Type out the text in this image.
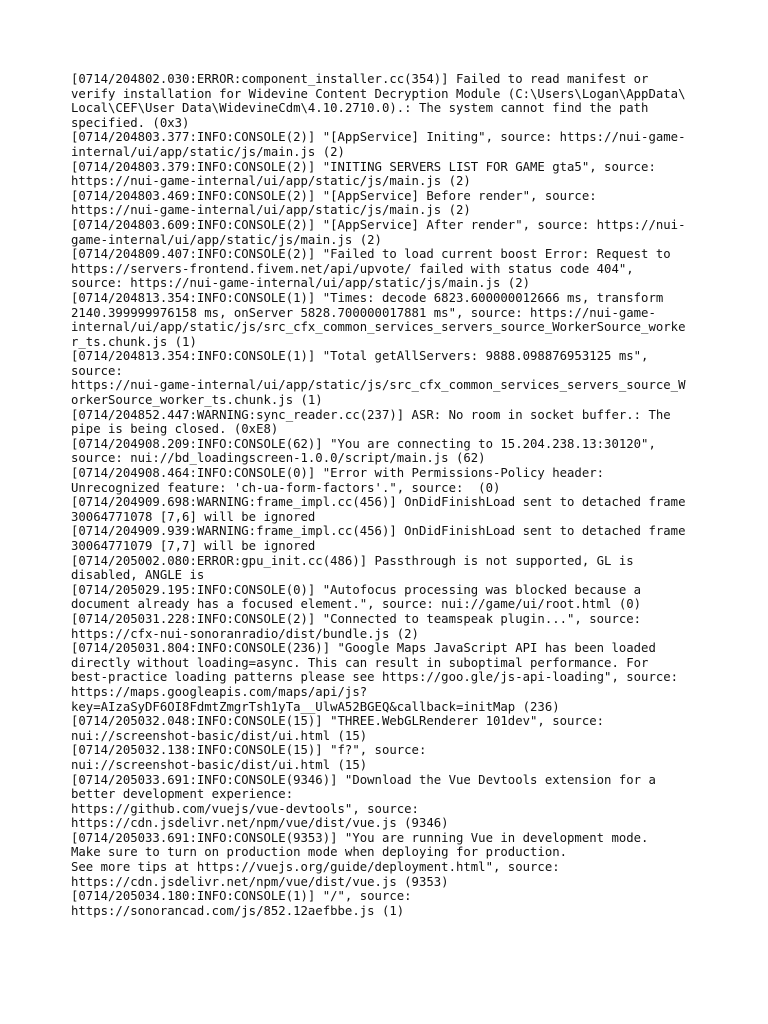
[0714/204802.030:ERROR:component_installer.cc(354)] Failed to read manifest or
verify installation for Widevine Content Decryption Module (C:\Users\Logan\AppData\
Local\CEF\User Data\WidevineCdm\4.10.2710.0).: The system cannot find the path
specified. (0x3)
[0714/204803.377:INFO:CONSOLE(2)] "[AppService] Initing", source: https://nui-game-
internal/ui/app/static/js/main.js (2)
[0714/204803.379:INFO:CONSOLE(2)] "INITING SERVERS LIST FOR GAME gta5", source:
https://nui-game-internal/ui/app/static/js/main.js (2)
[0714/204803.469:INFO:CONSOLE(2)] "[AppService] Before render", source:
https://nui-game-internal/ui/app/static/js/main.js (2)
[0714/204803.609:INFO:CONSOLE(2)] "[AppService] After render", source: https://nui-
game-internal/ui/app/static/js/main.js (2)
[0714/204809.407:INFO:CONSOLE(2)] "Failed to load current boost Error: Request to
https://servers-frontend.fivem.net/api/upvote/ failed with status code 404",
source: https://nui-game-internal/ui/app/static/js/main.js (2)
[0714/204813.354:INFO:CONSOLE(1)] "Times: decode 6823.600000012666 ms, transform
2140.399999976158 ms, onServer 5828.700000017881 ms", source: https://nui-game-
internal/ui/app/static/js/src_cfx_common_services_servers_source_WorkerSource_worke
r_ts.chunk.js (1)
[0714/204813.354:INFO:CONSOLE(1)] "Total getAllServers: 9888.098876953125 ms",
source:
https://nui-game-internal/ui/app/static/js/src_cfx_common_services_servers_source_W
orkerSource_worker_ts.chunk.js (1)
[0714/204852.447:WARNING:sync_reader.cc(237)] ASR: No room in socket buffer.: The
pipe is being closed. (0xE8)
[0714/204908.209:INFO:CONSOLE(62)] "You are connecting to 15.204.238.13:30120",
source: nui://bd_loadingscreen-1.0.0/script/main.js (62)
[0714/204908.464:INFO:CONSOLE(0)] "Error with Permissions-Policy header:
Unrecognized feature: 'ch-ua-form-factors'.", source:  (0)
[0714/204909.698:WARNING:frame_impl.cc(456)] OnDidFinishLoad sent to detached frame
30064771078 [7,6] will be ignored
[0714/204909.939:WARNING:frame_impl.cc(456)] OnDidFinishLoad sent to detached frame
30064771079 [7,7] will be ignored
[0714/205002.080:ERROR:gpu_init.cc(486)] Passthrough is not supported, GL is
disabled, ANGLE is
[0714/205029.195:INFO:CONSOLE(0)] "Autofocus processing was blocked because a
document already has a focused element.", source: nui://game/ui/root.html (0)
[0714/205031.228:INFO:CONSOLE(2)] "Connected to teamspeak plugin...", source:
https://cfx-nui-sonoranradio/dist/bundle.js (2)
[0714/205031.804:INFO:CONSOLE(236)] "Google Maps JavaScript API has been loaded
directly without loading=async. This can result in suboptimal performance. For
best-practice loading patterns please see https://goo.gle/js-api-loading", source:
https://maps.googleapis.com/maps/api/js?
key=AIzaSyDF6OI8FdmtZmgrTsh1yTa__UlwA52BGEQ&callback=initMap (236)
[0714/205032.048:INFO:CONSOLE(15)] "THREE.WebGLRenderer 101dev", source:
nui://screenshot-basic/dist/ui.html (15)
[0714/205032.138:INFO:CONSOLE(15)] "f?", source:
nui://screenshot-basic/dist/ui.html (15)
[0714/205033.691:INFO:CONSOLE(9346)] "Download the Vue Devtools extension for a
better development experience:
https://github.com/vuejs/vue-devtools", source:
https://cdn.jsdelivr.net/npm/vue/dist/vue.js (9346)
[0714/205033.691:INFO:CONSOLE(9353)] "You are running Vue in development mode.
Make sure to turn on production mode when deploying for production.
See more tips at https://vuejs.org/guide/deployment.html", source:
https://cdn.jsdelivr.net/npm/vue/dist/vue.js (9353)
[0714/205034.180:INFO:CONSOLE(1)] "/", source:
https://sonorancad.com/js/852.12aefbbe.js (1)
